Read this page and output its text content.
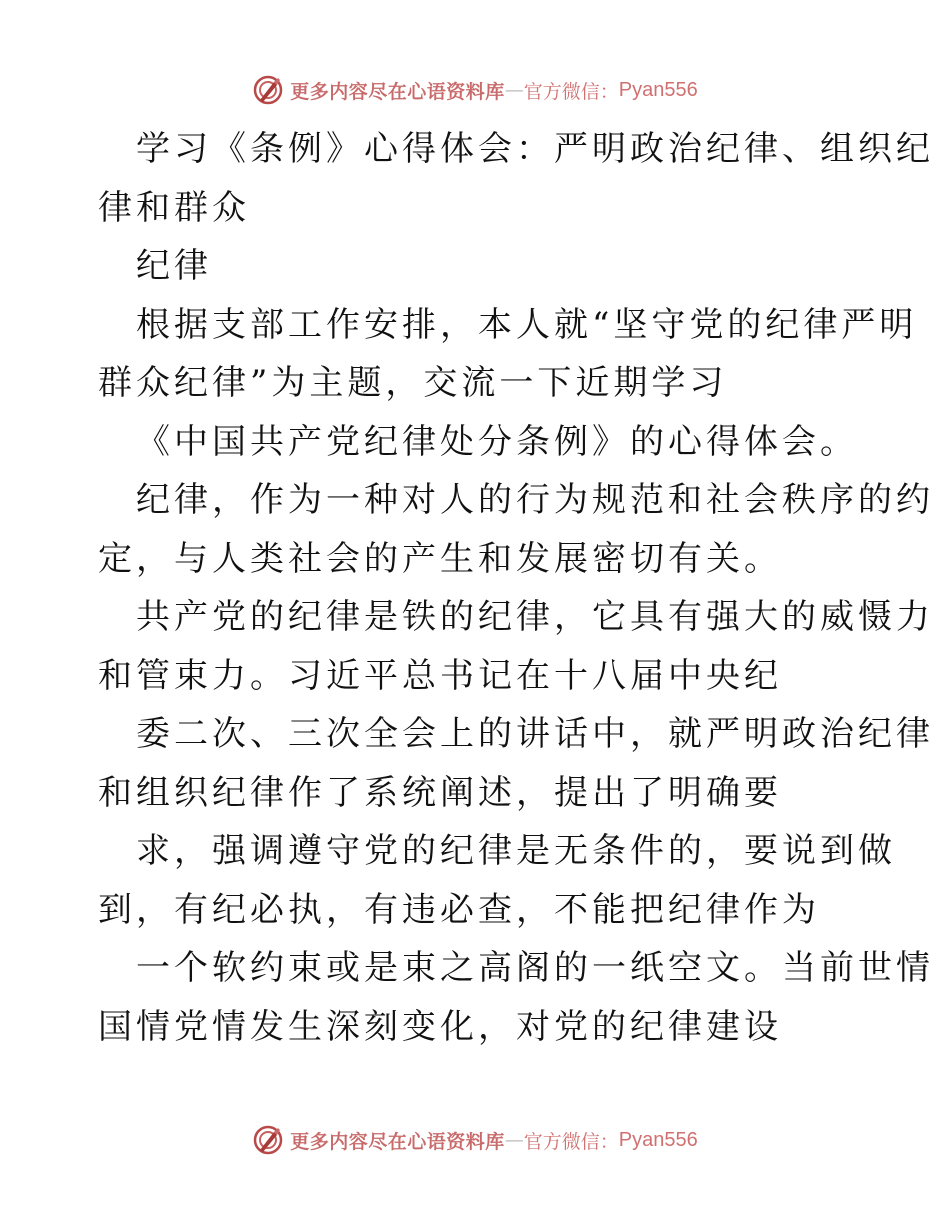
更多内容尽在心语资料库 — 官方微信： Pyan556
学习《条例》心得体会：严明政治纪律、组织纪
律和群众
纪律
根据支部工作安排，本人就“坚守党的纪律严明
群众纪律”为主题，交流一下近期学习
《中国共产党纪律处分条例》的心得体会。
纪律，作为一种对人的行为规范和社会秩序的约
定，与人类社会的产生和发展密切有关。
共产党的纪律是铁的纪律，它具有强大的威慑力
和管束力。习近平总书记在十八届中央纪
委二次、三次全会上的讲话中，就严明政治纪律
和组织纪律作了系统阐述，提出了明确要
求，强调遵守党的纪律是无条件的，要说到做
到，有纪必执，有违必查，不能把纪律作为
一个软约束或是束之高阁的一纸空文。当前世情
国情党情发生深刻变化，对党的纪律建设
更多内容尽在心语资料库 — 官方微信： Pyan556
